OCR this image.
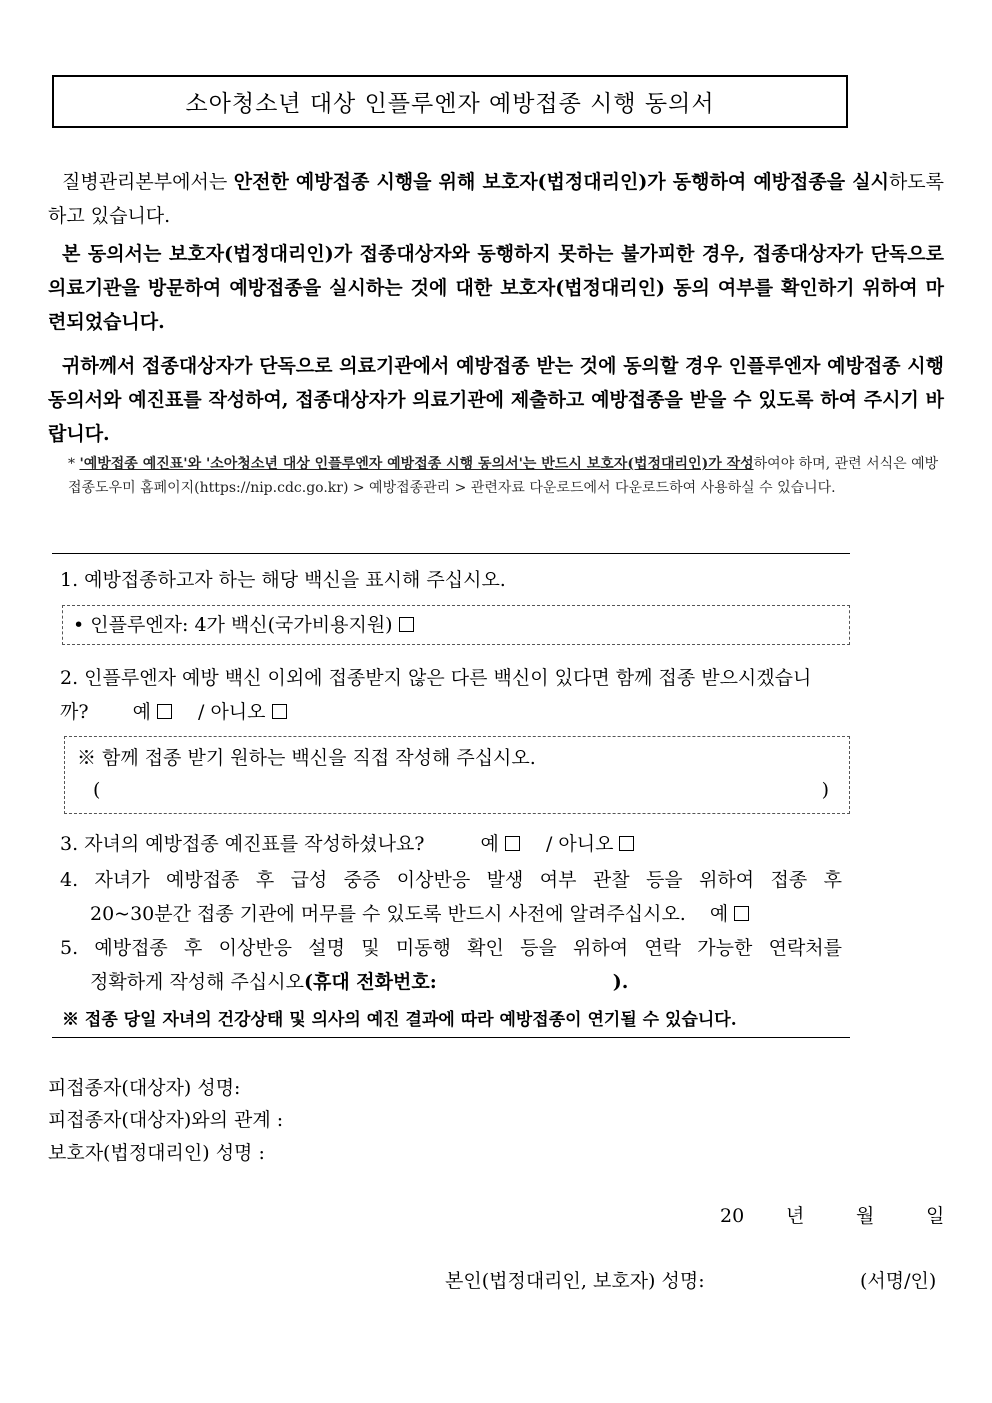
소아청소년 대상 인플루엔자 예방접종 시행 동의서
질병관리본부에서는 안전한 예방접종 시행을 위해 보호자(법정대리인)가 동행하여 예방접종을 실시하도록 하고 있습니다.
본 동의서는 보호자(법정대리인)가 접종대상자와 동행하지 못하는 불가피한 경우, 접종대상자가 단독으로 의료기관을 방문하여 예방접종을 실시하는 것에 대한 보호자(법정대리인) 동의 여부를 확인하기 위하여 마련되었습니다.
귀하께서 접종대상자가 단독으로 의료기관에서 예방접종 받는 것에 동의할 경우 인플루엔자 예방접종 시행 동의서와 예진표를 작성하여, 접종대상자가 의료기관에 제출하고 예방접종을 받을 수 있도록 하여 주시기 바랍니다.
* '예방접종 예진표'와 '소아청소년 대상 인플루엔자 예방접종 시행 동의서'는 반드시 보호자(법정대리인)가 작성하여야 하며, 관련 서식은 예방접종도우미 홈페이지(https://nip.cdc.go.kr) > 예방접종관리 > 관련자료 다운로드에서 다운로드하여 사용하실 수 있습니다.
1. 예방접종하고자 하는 해당 백신을 표시해 주십시오.
• 인플루엔자: 4가 백신(국가비용지원)
2. 인플루엔자 예방 백신 이외에 접종받지 않은 다른 백신이 있다면 함께 접종 받으시겠습니
까? 예 / 아니오
※ 함께 접종 받기 원하는 백신을 직접 작성해 주십시오.
(	)
3. 자녀의 예방접종 예진표를 작성하셨나요?	예 / 아니오
4. 자녀가 예방접종 후 급성 중증 이상반응 발생 여부 관찰 등을 위하여 접종 후
20~30분간 접종 기관에 머무를 수 있도록 반드시 사전에 알려주십시오. 예
5. 예방접종 후 이상반응 설명 및 미동행 확인 등을 위하여 연락 가능한 연락처를
정확하게 작성해 주십시오(휴대 전화번호:	).
※ 접종 당일 자녀의 건강상태 및 의사의 예진 결과에 따라 예방접종이 연기될 수 있습니다.
피접종자(대상자) 성명:
피접종자(대상자)와의 관계 :
보호자(법정대리인) 성명 :
20 년	월	일
본인(법정대리인, 보호자) 성명:	(서명/인)
